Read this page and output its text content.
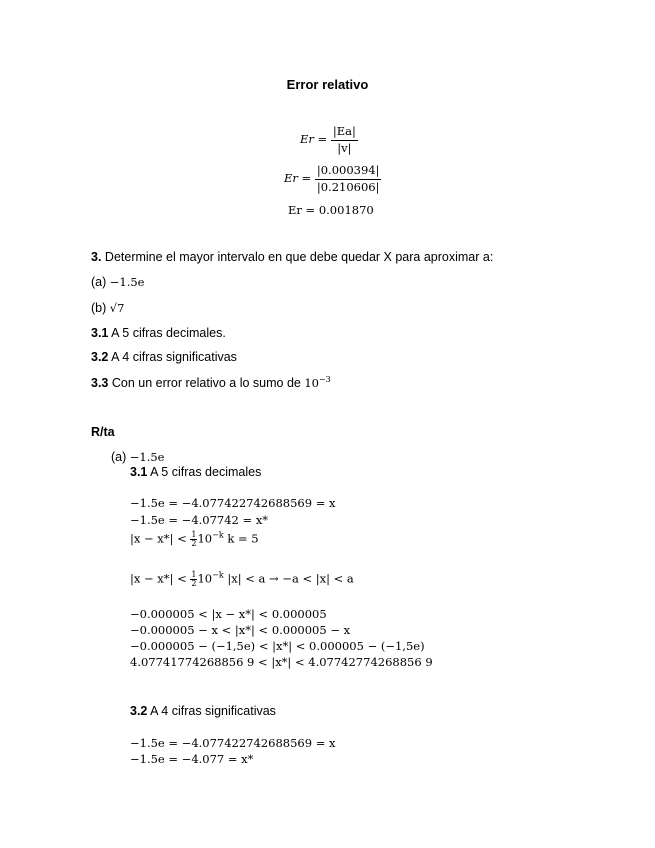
Error relativo
$Er = \frac{|Ea|}{|v|}$
$Er = \frac{|0.000394|}{|0.210606|}$
Er = 0.001870
3. Determine el mayor intervalo en que debe quedar X para aproximar a:
(a) −1.5e
(b) √7
3.1 A 5 cifras decimales.
3.2 A 4 cifras significativas
3.3 Con un error relativo a lo sumo de $10^{-3}$
R/ta
(a) −1.5e
3.1 A 5 cifras decimales
−1.5e = −4.077422742688569 = x
−1.5e = −4.07742 = x*
$|x - x*| < \frac{1}{2} 10^{-k}$ k = 5
$|x - x*| < \frac{1}{2} 10^{-k}$ |x| < a → −a < |x| < a
−0.000005 < |x − x*| < 0.000005
−0.000005 − x < |x*| < 0.000005 − x
−0.000005 − (−1,5e) < |x*| < 0.000005 − (−1,5e)
4.07741774268856 9 < |x*| < 4.07742774268856 9
3.2 A 4 cifras significativas
−1.5e = −4.077422742688569 = x
−1.5e = −4.077 = x*
